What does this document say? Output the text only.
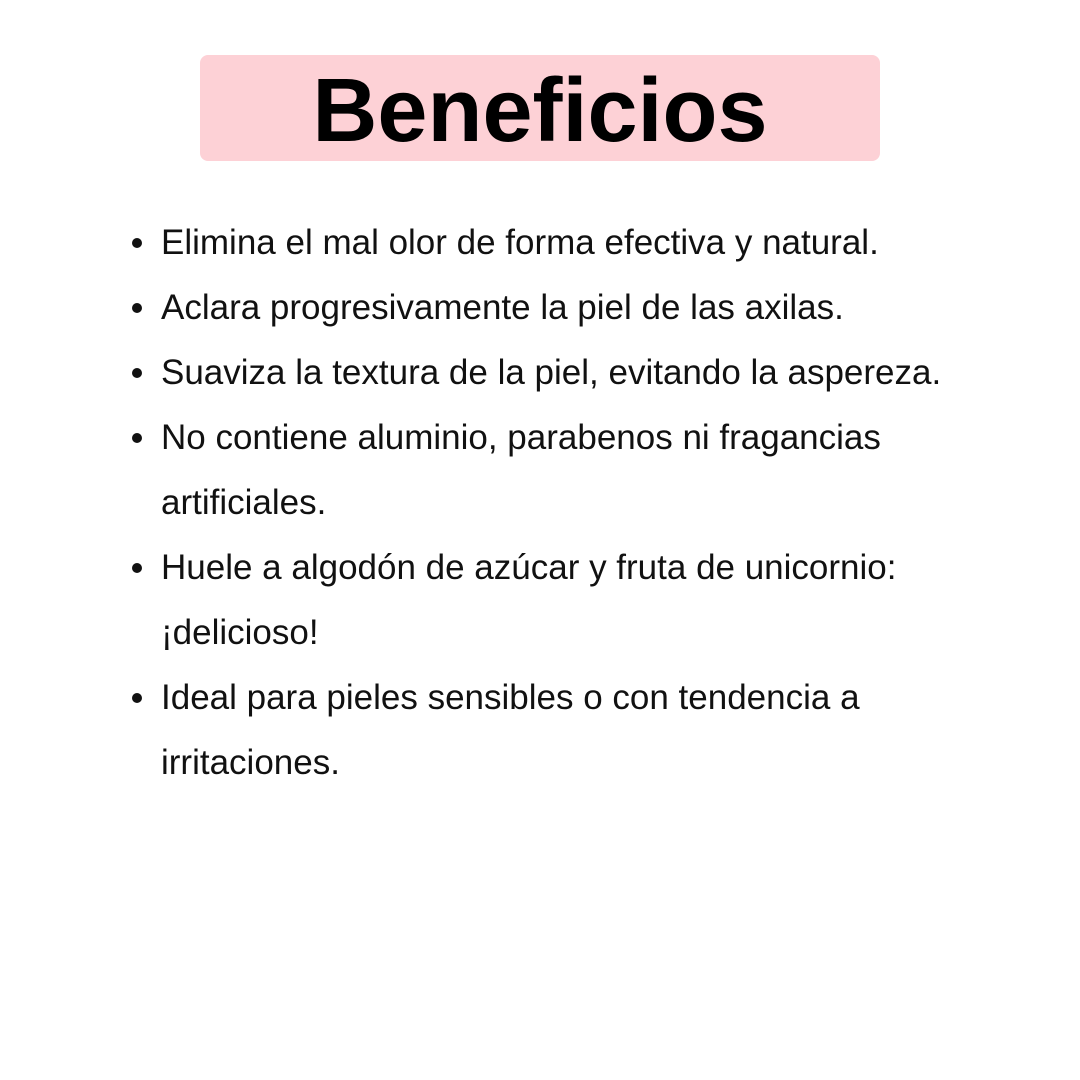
Beneficios
Elimina el mal olor de forma efectiva y natural.
Aclara progresivamente la piel de las axilas.
Suaviza la textura de la piel, evitando la aspereza.
No contiene aluminio, parabenos ni fragancias artificiales.
Huele a algodón de azúcar y fruta de unicornio: ¡delicioso!
Ideal para pieles sensibles o con tendencia a irritaciones.
